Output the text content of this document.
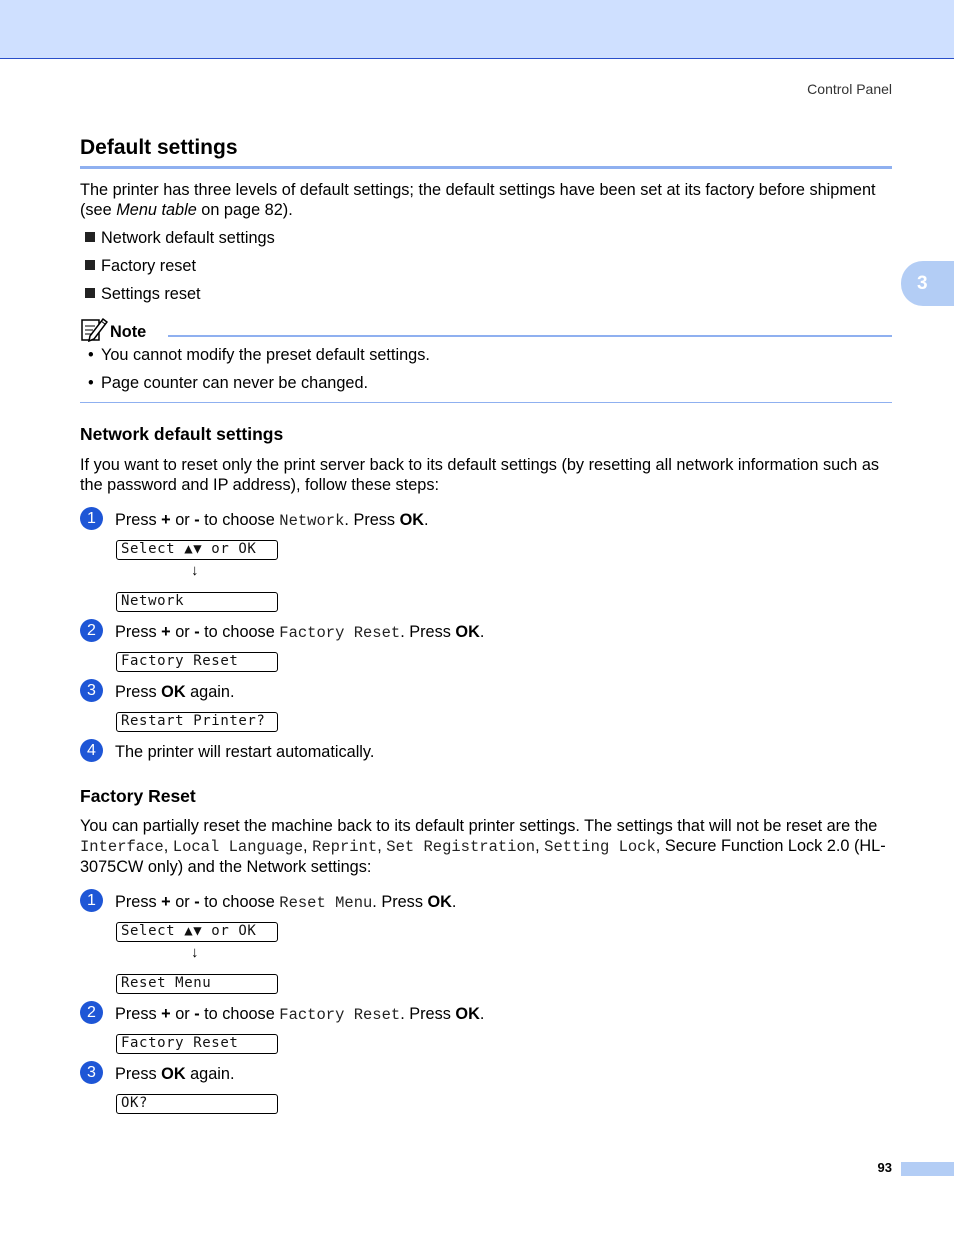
Control Panel
3
Default settings

The printer has three levels of default settings; the default settings have been set at its factory before shipment (see Menu table on page 82).

Network default settings
Factory reset
Settings reset
Note
• You cannot modify the preset default settings.
• Page counter can never be changed.
Network default settings

If you want to reset only the print server back to its default settings (by resetting all network information such as the password and IP address), follow these steps:

1	Press + or - to choose Network. Press OK.
Select ▲▼ or OK
↓
Network
2	Press + or - to choose Factory Reset. Press OK.
Factory Reset
3	Press OK again.
Restart Printer?
4	The printer will restart automatically.
Factory Reset

You can partially reset the machine back to its default printer settings. The settings that will not be reset are the Interface, Local Language, Reprint, Set Registration, Setting Lock, Secure Function Lock 2.0 (HL-3075CW only) and the Network settings:

1	Press + or - to choose Reset Menu. Press OK.
Select ▲▼ or OK
↓
Reset Menu
2	Press + or - to choose Factory Reset. Press OK.
Factory Reset
3	Press OK again.
OK?
93
